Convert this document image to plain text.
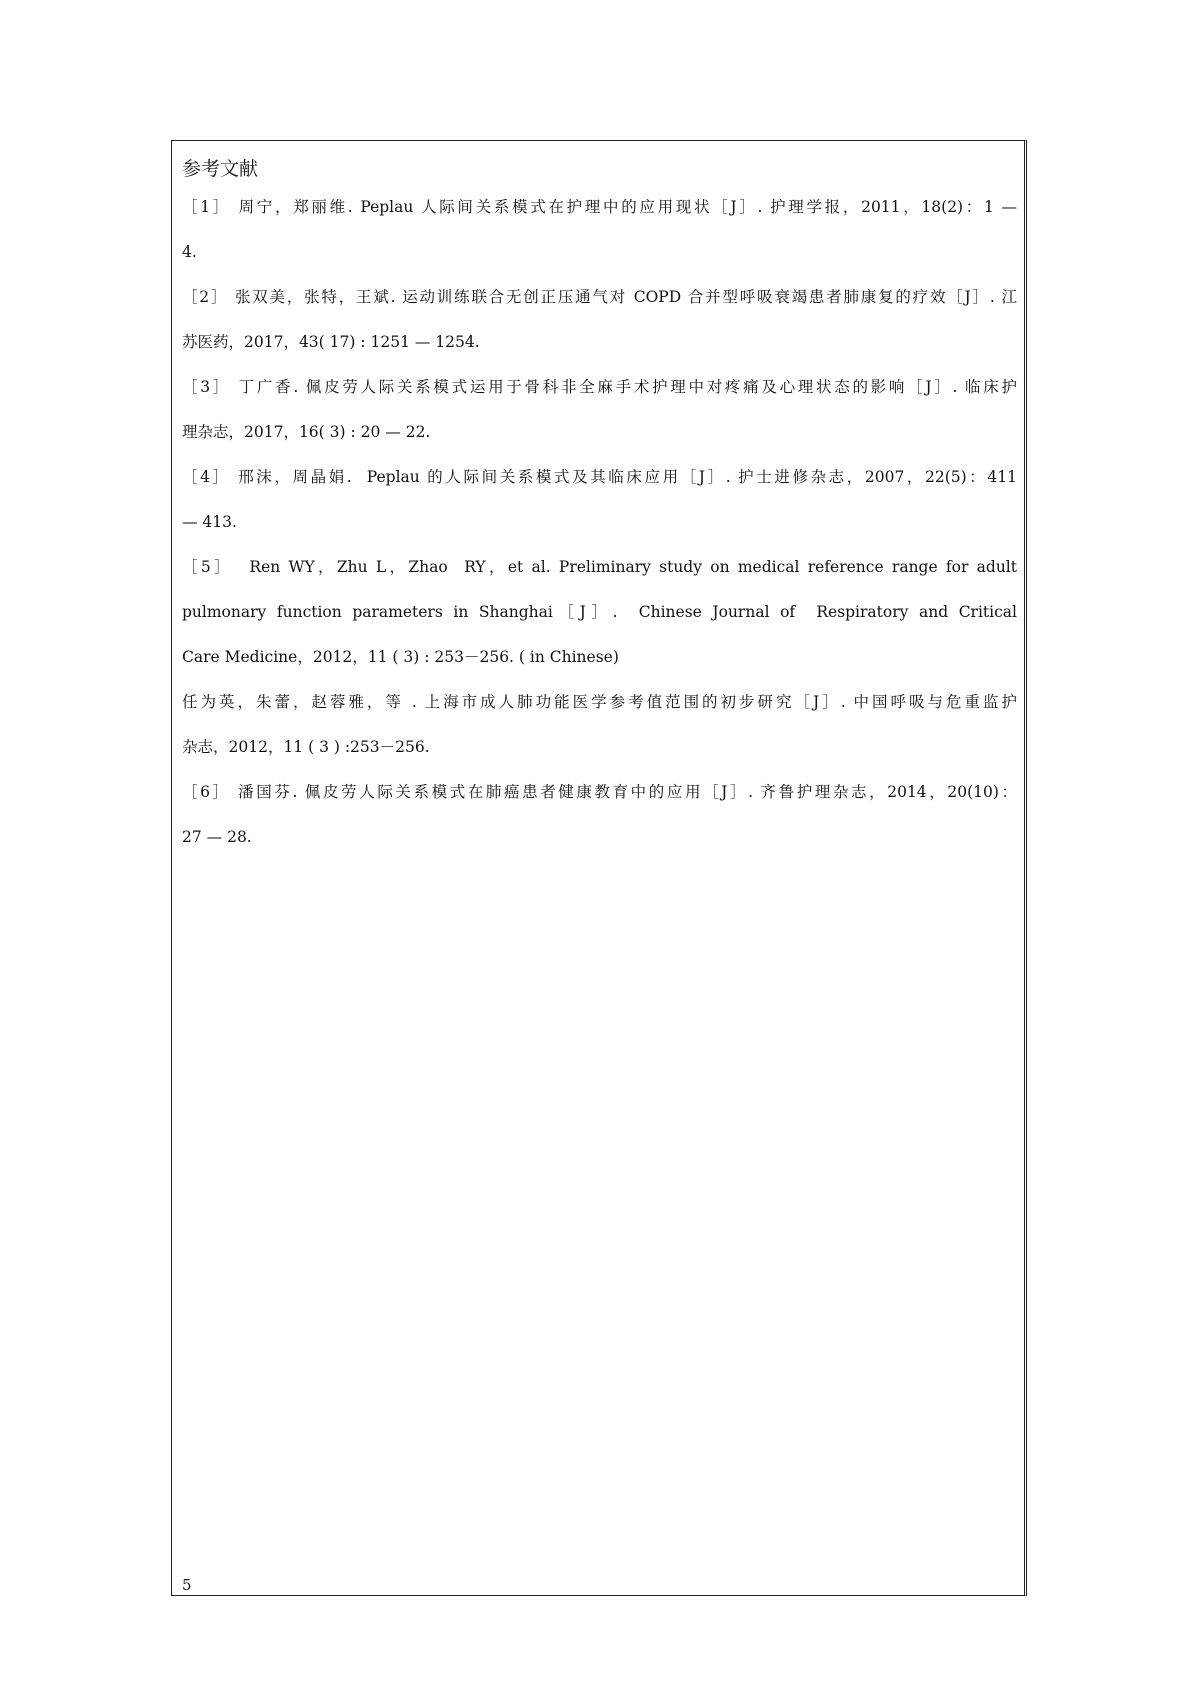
参考文献
［1］ 周宁，郑丽维. Peplau 人际间关系模式在护理中的应用现状［J］. 护理学报，2011，18(2)：1 —
4.
［2］ 张双美，张特，王斌. 运动训练联合无创正压通气对 COPD 合并型呼吸衰竭患者肺康复的疗效［J］. 江
苏医药，2017，43( 17) : 1251 — 1254.
［3］ 丁广香. 佩皮劳人际关系模式运用于骨科非全麻手术护理中对疼痛及心理状态的影响［J］. 临床护
理杂志，2017，16( 3) : 20 — 22.
［4］ 邢沫，周晶娟.  Peplau 的人际间关系模式及其临床应用［J］. 护士进修杂志，2007，22(5)：411
— 413.
［5］  Ren WY，Zhu L，Zhao  RY，et al. Preliminary study on medical reference range for adult
pulmonary function parameters in Shanghai［J］.  Chinese Journal of  Respiratory and Critical
Care Medicine，2012，11 ( 3) : 253－256. ( in Chinese)
任为英，朱蕾，赵蓉雅，等 . 上海市成人肺功能医学参考值范围的初步研究［J］. 中国呼吸与危重监护
杂志，2012，11 ( 3 ) :253－256.
［6］ 潘国芬. 佩皮劳人际关系模式在肺癌患者健康教育中的应用［J］. 齐鲁护理杂志，2014，20(10)：
27 — 28.
5
